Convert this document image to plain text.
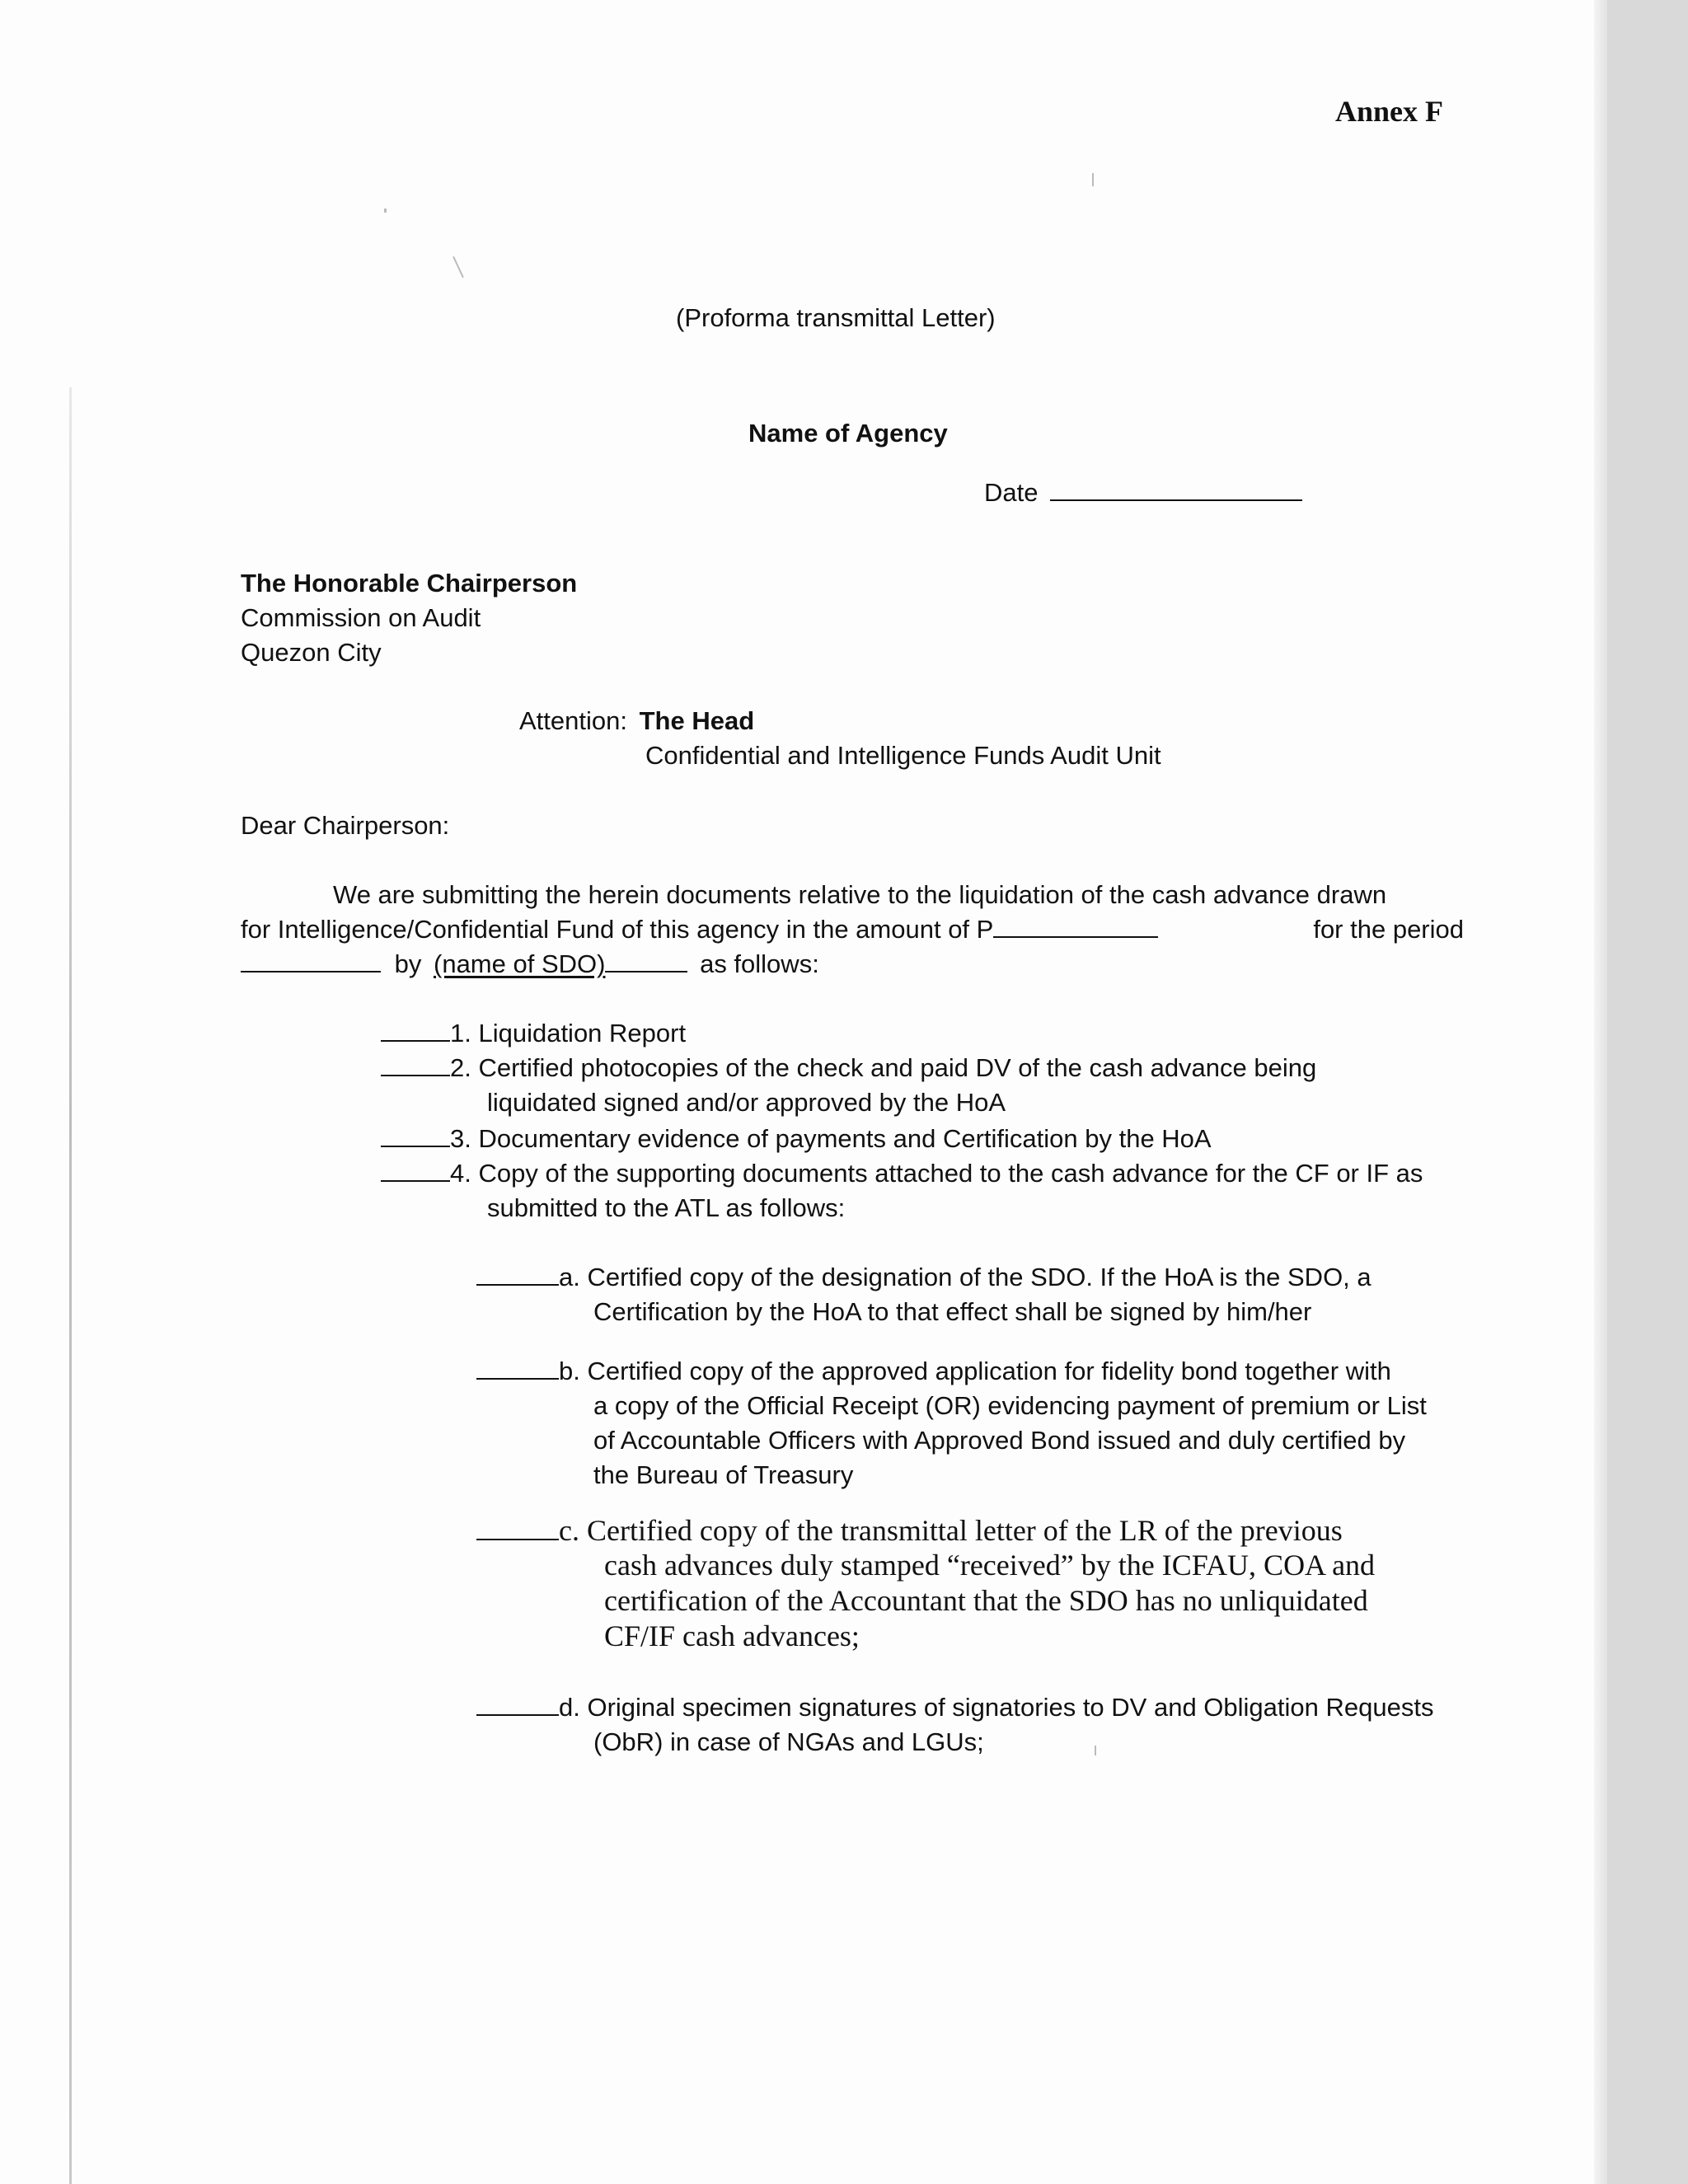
Annex F
(Proforma transmittal Letter)
Name of Agency
Date
The Honorable Chairperson
Commission on Audit
Quezon City
Attention: The Head
Confidential and Intelligence Funds Audit Unit
Dear Chairperson:
We are submitting the herein documents relative to the liquidation of the cash advance drawn
for Intelligence/Confidential Fund of this agency in the amount of P	for the period
by (name of SDO)	as follows:
1. Liquidation Report
2. Certified photocopies of the check and paid DV of the cash advance being
liquidated signed and/or approved by the HoA
3. Documentary evidence of payments and Certification by the HoA
4. Copy of the supporting documents attached to the cash advance for the CF or IF as
submitted to the ATL as follows:
a. Certified copy of the designation of the SDO. If the HoA is the SDO, a
Certification by the HoA to that effect shall be signed by him/her
b. Certified copy of the approved application for fidelity bond together with
a copy of the Official Receipt (OR) evidencing payment of premium or List
of Accountable Officers with Approved Bond issued and duly certified by
the Bureau of Treasury
c. Certified copy of the transmittal letter of the LR of the previous
cash advances duly stamped “received” by the ICFAU, COA and
certification of the Accountant that the SDO has no unliquidated
CF/IF cash advances;
d. Original specimen signatures of signatories to DV and Obligation Requests
(ObR) in case of NGAs and LGUs;
